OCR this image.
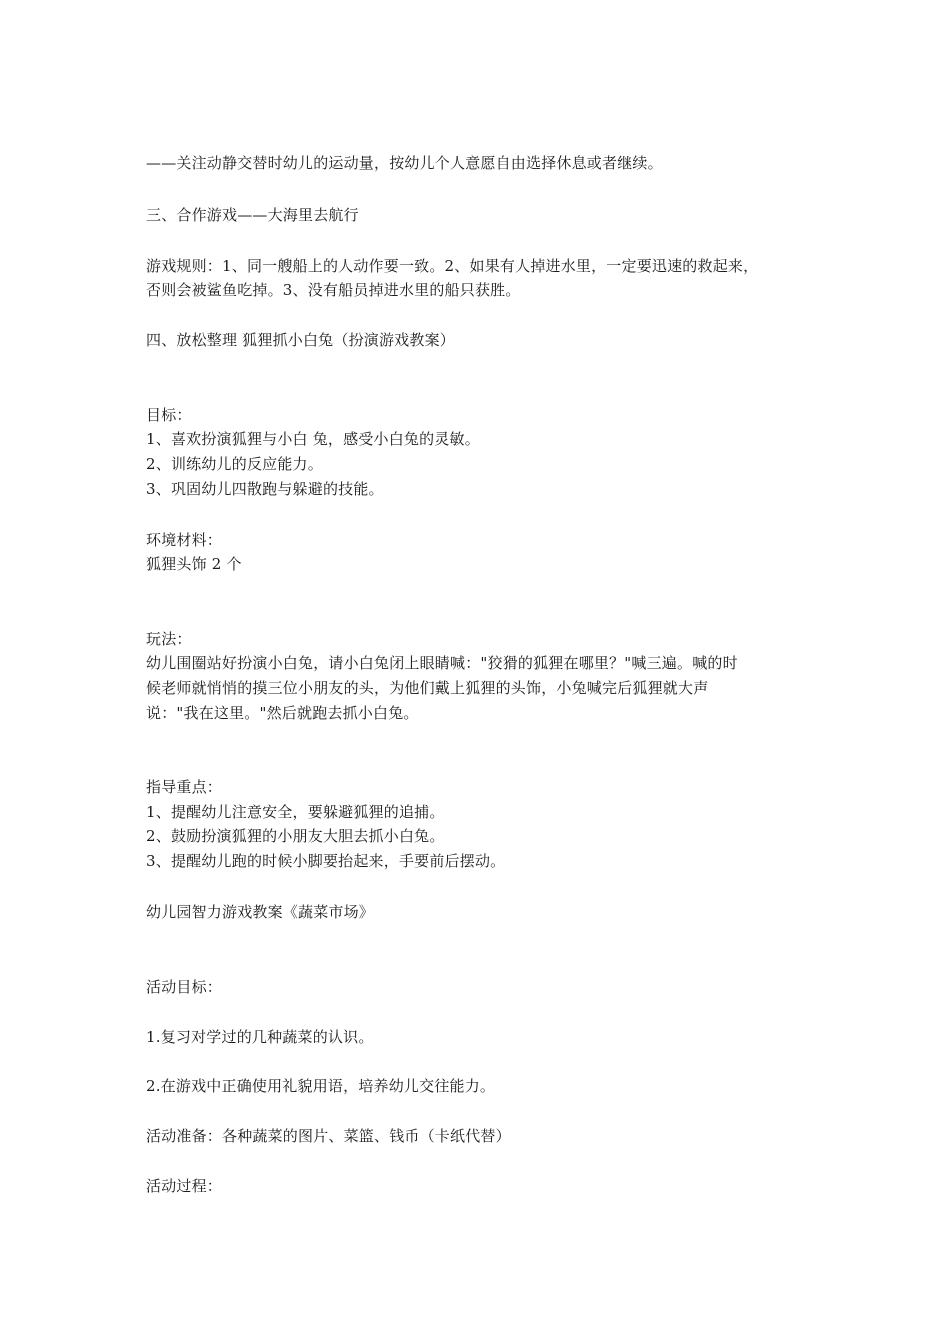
——关注动静交替时幼儿的运动量，按幼儿个人意愿自由选择休息或者继续。
三、合作游戏——大海里去航行
游戏规则：1、同一艘船上的人动作要一致。2、如果有人掉进水里，一定要迅速的救起来，
否则会被鲨鱼吃掉。3、没有船员掉进水里的船只获胜。
四、放松整理 狐狸抓小白兔（扮演游戏教案）
目标：
1、喜欢扮演狐狸与小白 兔，感受小白兔的灵敏。
2、训练幼儿的反应能力。
3、巩固幼儿四散跑与躲避的技能。
环境材料：
狐狸头饰 2 个
玩法：
幼儿围圈站好扮演小白兔，请小白兔闭上眼睛喊："狡猾的狐狸在哪里？"喊三遍。喊的时
候老师就悄悄的摸三位小朋友的头，为他们戴上狐狸的头饰，小兔喊完后狐狸就大声
说："我在这里。"然后就跑去抓小白兔。
指导重点：
1、提醒幼儿注意安全，要躲避狐狸的追捕。
2、鼓励扮演狐狸的小朋友大胆去抓小白兔。
3、提醒幼儿跑的时候小脚要抬起来，手要前后摆动。
幼儿园智力游戏教案《蔬菜市场》
活动目标：
1.复习对学过的几种蔬菜的认识。
2.在游戏中正确使用礼貌用语，培养幼儿交往能力。
活动准备：各种蔬菜的图片、菜篮、钱币（卡纸代替）
活动过程：
